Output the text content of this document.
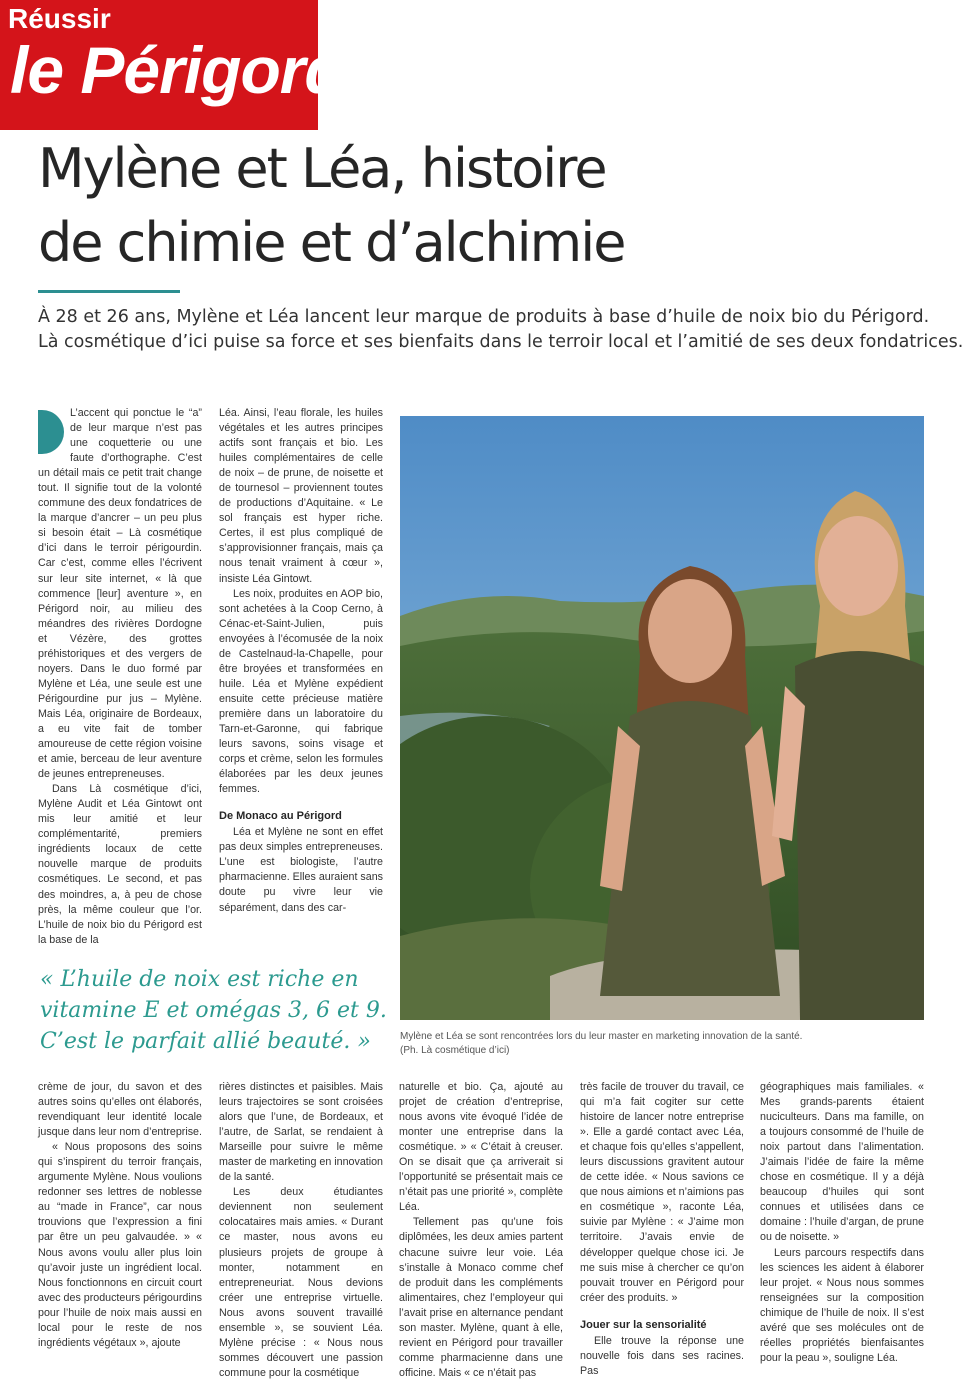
Réussir
le Périgord
Mylène et Léa, histoire
de chimie et d’alchimie
À 28 et 26 ans, Mylène et Léa lancent leur marque de produits à base d’huile de noix bio du Périgord.
Là cosmétique d’ici puise sa force et ses bienfaits dans le terroir local et l’amitié de ses deux fondatrices.

L’accent qui ponctue le “a” de leur marque n’est pas une coquetterie ou une faute d’orthographe. C’est un détail mais ce petit trait change tout. Il signifie tout de la volonté commune des deux fondatrices de la marque d’ancrer – un peu plus si besoin était – Là cosmétique d’ici dans le terroir périgourdin. Car c’est, comme elles l’écrivent sur leur site internet, « là que commence [leur] aventure », en Périgord noir, au milieu des méandres des rivières Dordogne et Vézère, des grottes préhistoriques et des vergers de noyers. Dans le duo formé par Mylène et Léa, une seule est une Périgourdine pur jus – Mylène. Mais Léa, originaire de Bordeaux, a eu vite fait de tomber amoureuse de cette région voisine et amie, berceau de leur aventure de jeunes entrepreneuses.

Dans Là cosmétique d’ici, Mylène Audit et Léa Gintowt ont mis leur amitié et leur complémentarité, premiers ingrédients locaux de cette nouvelle marque de produits cosmétiques. Le second, et pas des moindres, a, à peu de chose près, la même couleur que l’or. L’huile de noix bio du Périgord est la base de la

Léa. Ainsi, l’eau florale, les huiles végétales et les autres principes actifs sont français et bio. Les huiles complémentaires de celle de noix – de prune, de noisette et de tournesol – proviennent toutes de productions d’Aquitaine. « Le sol français est hyper riche. Certes, il est plus compliqué de s’approvisionner français, mais ça nous tenait vraiment à cœur », insiste Léa Gintowt.

Les noix, produites en AOP bio, sont achetées à la Coop Cerno, à Cénac-et-Saint-Julien, puis envoyées à l’écomusée de la noix de Castelnaud-la-Chapelle, pour être broyées et transformées en huile. Léa et Mylène expédient ensuite cette précieuse matière première dans un laboratoire du Tarn-et-Garonne, qui fabrique leurs savons, soins visage et corps et crème, selon les formules élaborées par les deux jeunes femmes.

De Monaco au Périgord

Léa et Mylène ne sont en effet pas deux simples entrepreneuses. L’une est biologiste, l’autre pharmacienne. Elles auraient sans doute pu vivre leur vie séparément, dans des car-

« L’huile de noix est riche en
vitamine E et omégas 3, 6 et 9.
C’est le parfait allié beauté. »	Mylène et Léa se sont rencontrées lors du leur master en marketing innovation de la santé.
(Ph. Là cosmétique d’ici)

crème de jour, du savon et des autres soins qu’elles ont élaborés, revendiquant leur identité locale jusque dans leur nom d’entreprise.

« Nous proposons des soins qui s’inspirent du terroir français, argumente Mylène. Nous voulions redonner ses lettres de noblesse au “made in France”, car nous trouvions que l’expression a fini par être un peu galvaudée. » « Nous avons voulu aller plus loin qu’avoir juste un ingrédient local. Nous fonctionnons en circuit court avec des producteurs périgourdins pour l’huile de noix mais aussi en local pour le reste de nos ingrédients végétaux », ajoute

rières distinctes et paisibles. Mais leurs trajectoires se sont croisées alors que l’une, de Bordeaux, et l’autre, de Sarlat, se rendaient à Marseille pour suivre le même master de marketing en innovation de la santé.

Les deux étudiantes deviennent non seulement colocataires mais amies. « Durant ce master, nous avons eu plusieurs projets de groupe à monter, notamment en entrepreneuriat. Nous devions créer une entreprise virtuelle. Nous avons souvent travaillé ensemble », se souvient Léa. Mylène précise : « Nous nous sommes découvert une passion commune pour la cosmétique

naturelle et bio. Ça, ajouté au projet de création d’entreprise, nous avons vite évoqué l’idée de monter une entreprise dans la cosmétique. » « C’était à creuser. On se disait que ça arriverait si l’opportunité se présentait mais ce n’était pas une priorité », complète Léa.

Tellement pas qu’une fois diplômées, les deux amies partent chacune suivre leur voie. Léa s’installe à Monaco comme chef de produit dans les compléments alimentaires, chez l’employeur qui l’avait prise en alternance pendant son master. Mylène, quant à elle, revient en Périgord pour travailler comme pharmacienne dans une officine. Mais « ce n’était pas

très facile de trouver du travail, ce qui m’a fait cogiter sur cette histoire de lancer notre entreprise ». Elle a gardé contact avec Léa, et chaque fois qu’elles s’appellent, leurs discussions gravitent autour de cette idée. « Nous savions ce que nous aimions et n’aimions pas en cosmétique », raconte Léa, suivie par Mylène : « J’aime mon territoire. J’avais envie de développer quelque chose ici. Je me suis mise à chercher ce qu’on pouvait trouver en Périgord pour créer des produits. »

Jouer sur la sensorialité

Elle trouve la réponse une nouvelle fois dans ses racines. Pas

géographiques mais familiales. « Mes grands-parents étaient nuciculteurs. Dans ma famille, on a toujours consommé de l’huile de noix partout dans l’alimentation. J’aimais l’idée de faire la même chose en cosmétique. Il y a déjà beaucoup d’huiles qui sont connues et utilisées dans ce domaine : l’huile d’argan, de prune ou de noisette. »

Leurs parcours respectifs dans les sciences les aident à élaborer leur projet. « Nous nous sommes renseignées sur la composition chimique de l’huile de noix. Il s’est avéré que ses molécules ont de réelles propriétés bienfaisantes pour la peau », souligne Léa.
